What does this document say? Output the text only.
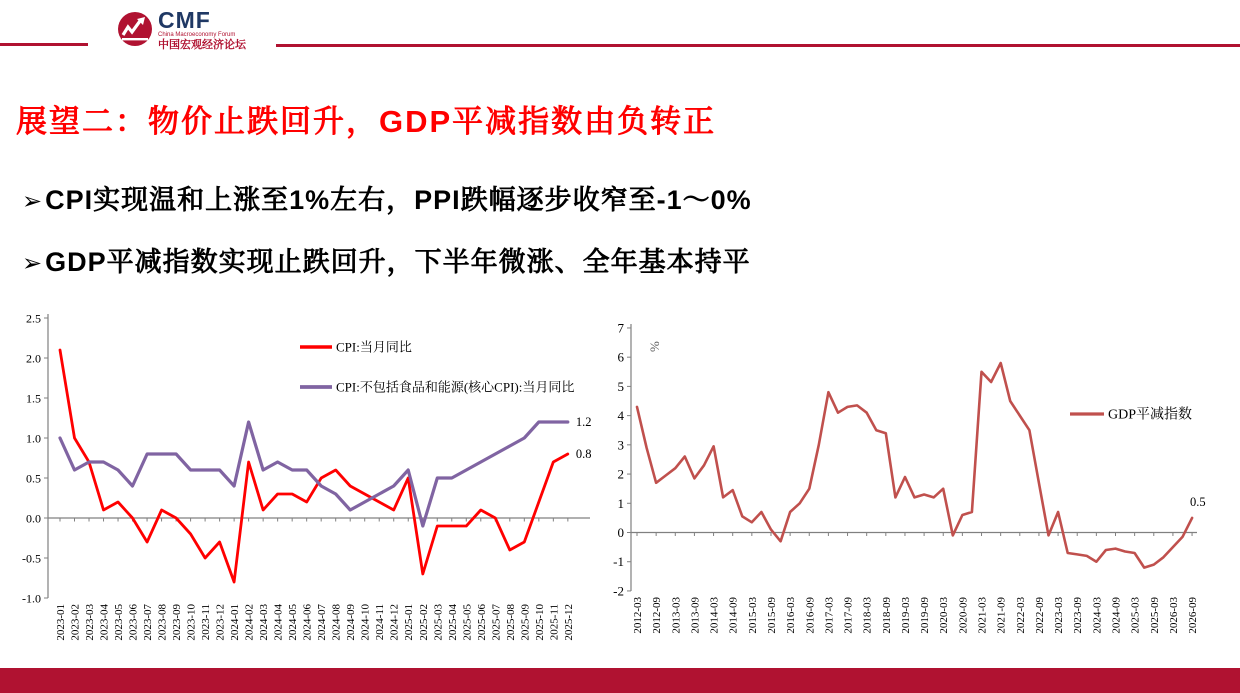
CMF
China Macroeconomy Forum
中国宏观经济论坛
展望二：物价止跌回升，GDP平减指数由负转正
➢CPI实现温和上涨至1%左右，PPI跌幅逐步收窄至-1～0%
➢GDP平减指数实现止跌回升，下半年微涨、全年基本持平
2.5
2.0
1.5
1.0
0.5
0.0
-0.5
-1.0
2023-01 2023-02 2023-03 2023-04 2023-05 2023-06 2023-07 2023-08 2023-09 2023-10 2023-11 2023-12 2024-01 2024-02 2024-03 2024-04 2024-05 2024-06 2024-07 2024-08 2024-09 2024-10 2024-11 2024-12 2025-01 2025-02 2025-03 2025-04 2025-05 2025-06 2025-07 2025-08 2025-09 2025-10 2025-11 2025-12
0.8
1.2
CPI:当月同比
CPI:不包括食品和能源(核心CPI):当月同比
7
6
5
4
3
2
1
0
-1
-2
2012-03 2012-09 2013-03 2013-09 2014-03 2014-09 2015-03 2015-09 2016-03 2016-09 2017-03 2017-09 2018-03 2018-09 2019-03 2019-09 2020-03 2020-09 2021-03 2021-09 2022-03 2022-09 2023-03 2023-09 2024-03 2024-09 2025-03 2025-09 2026-03 2026-09
%
0.5
GDP平减指数
